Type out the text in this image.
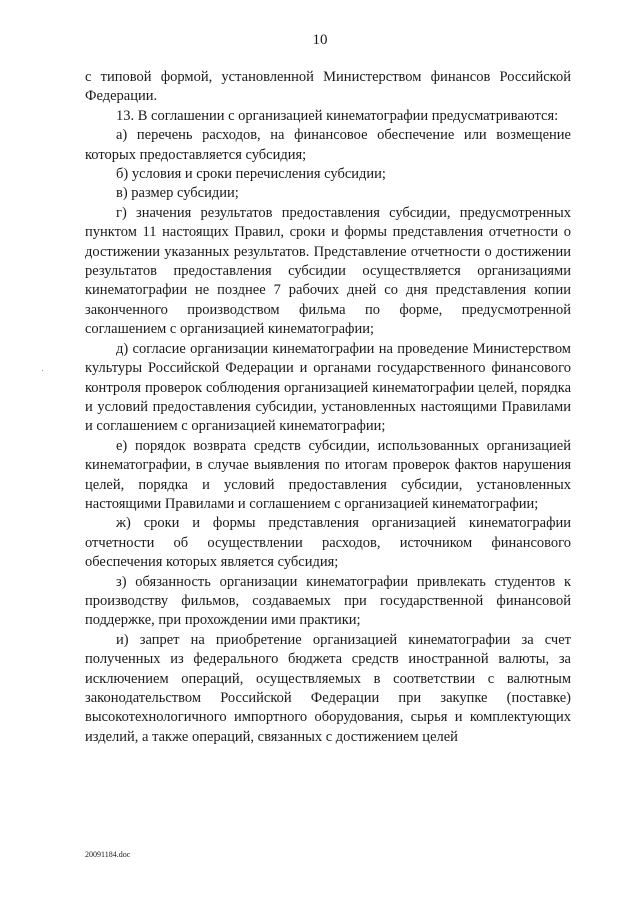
10

с типовой формой, установленной Министерством финансов Российской Федерации.

13. В соглашении с организацией кинематографии предусматриваются:

а) перечень расходов, на финансовое обеспечение или возмещение которых предоставляется субсидия;

б) условия и сроки перечисления субсидии;

в) размер субсидии;

г) значения результатов предоставления субсидии, предусмотренных пунктом 11 настоящих Правил, сроки и формы представления отчетности о достижении указанных результатов. Представление отчетности о достижении результатов предоставления субсидии осуществляется организациями кинематографии не позднее 7 рабочих дней со дня представления копии законченного производством фильма по форме, предусмотренной соглашением с организацией кинематографии;

д) согласие организации кинематографии на проведение Министерством культуры Российской Федерации и органами государственного финансового контроля проверок соблюдения организацией кинематографии целей, порядка и условий предоставления субсидии, установленных настоящими Правилами и соглашением с организацией кинематографии;

е) порядок возврата средств субсидии, использованных организацией кинематографии, в случае выявления по итогам проверок фактов нарушения целей, порядка и условий предоставления субсидии, установленных настоящими Правилами и соглашением с организацией кинематографии;

ж) сроки и формы представления организацией кинематографии отчетности об осуществлении расходов, источником финансового обеспечения которых является субсидия;

з) обязанность организации кинематографии привлекать студентов к производству фильмов, создаваемых при государственной финансовой поддержке, при прохождении ими практики;

и) запрет на приобретение организацией кинематографии за счет полученных из федерального бюджета средств иностранной валюты, за исключением операций, осуществляемых в соответствии с валютным законодательством Российской Федерации при закупке (поставке) высокотехнологичного импортного оборудования, сырья и комплектующих изделий, а также операций, связанных с достижением целей

20091184.doc
